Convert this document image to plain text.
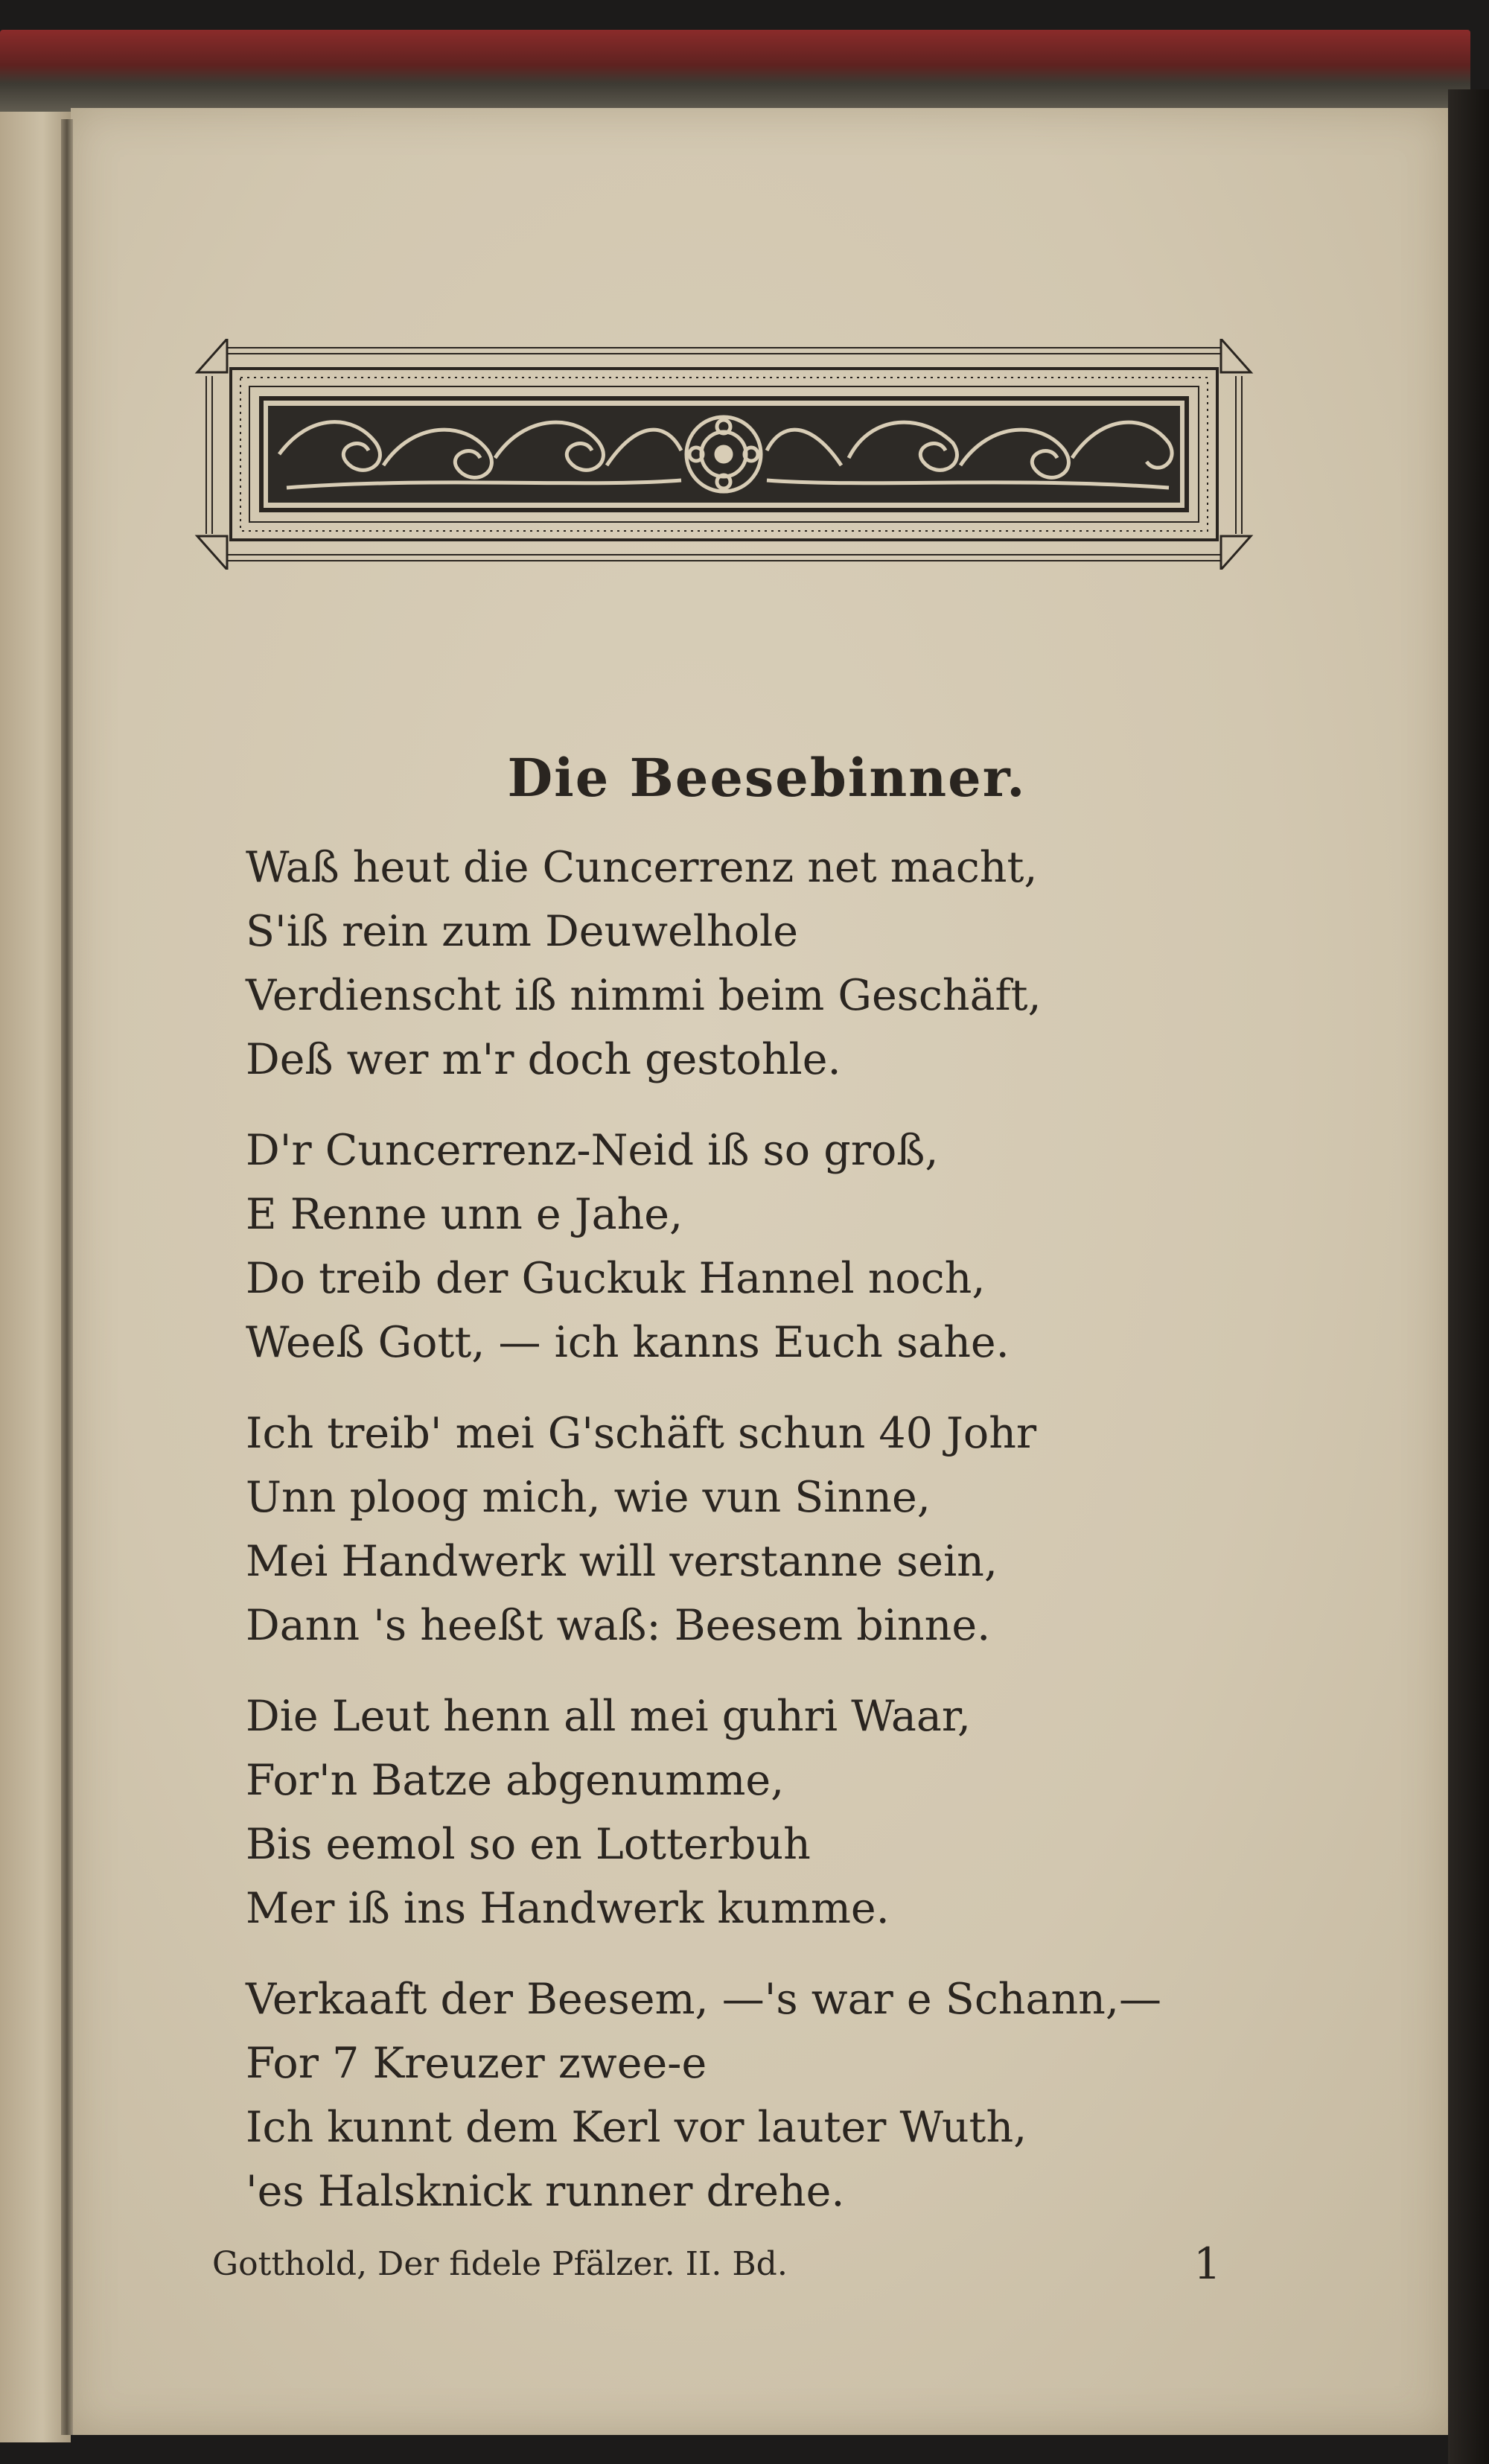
Die Beesebinner.
Waß heut die Cuncerrenz net macht,
S'iß rein zum Deuwelhole
Verdienscht iß nimmi beim Geschäft,
Deß wer m'r doch gestohle.
D'r Cuncerrenz-Neid iß so groß,
E Renne unn e Jahe,
Do treib der Guckuk Hannel noch,
Weeß Gott, — ich kanns Euch sahe.
Ich treib' mei G'schäft schun 40 Johr
Unn ploog mich, wie vun Sinne,
Mei Handwerk will verstanne sein,
Dann 's heeßt waß: Beesem binne.
Die Leut henn all mei guhri Waar,
For'n Batze abgenumme,
Bis eemol so en Lotterbuh
Mer iß ins Handwerk kumme.
Verkaaft der Beesem, —'s war e Schann,—
For 7 Kreuzer zwee-e
Ich kunnt dem Kerl vor lauter Wuth,
'es Halsknick runner drehe.
Gotthold, Der fidele Pfälzer. II. Bd.	1
